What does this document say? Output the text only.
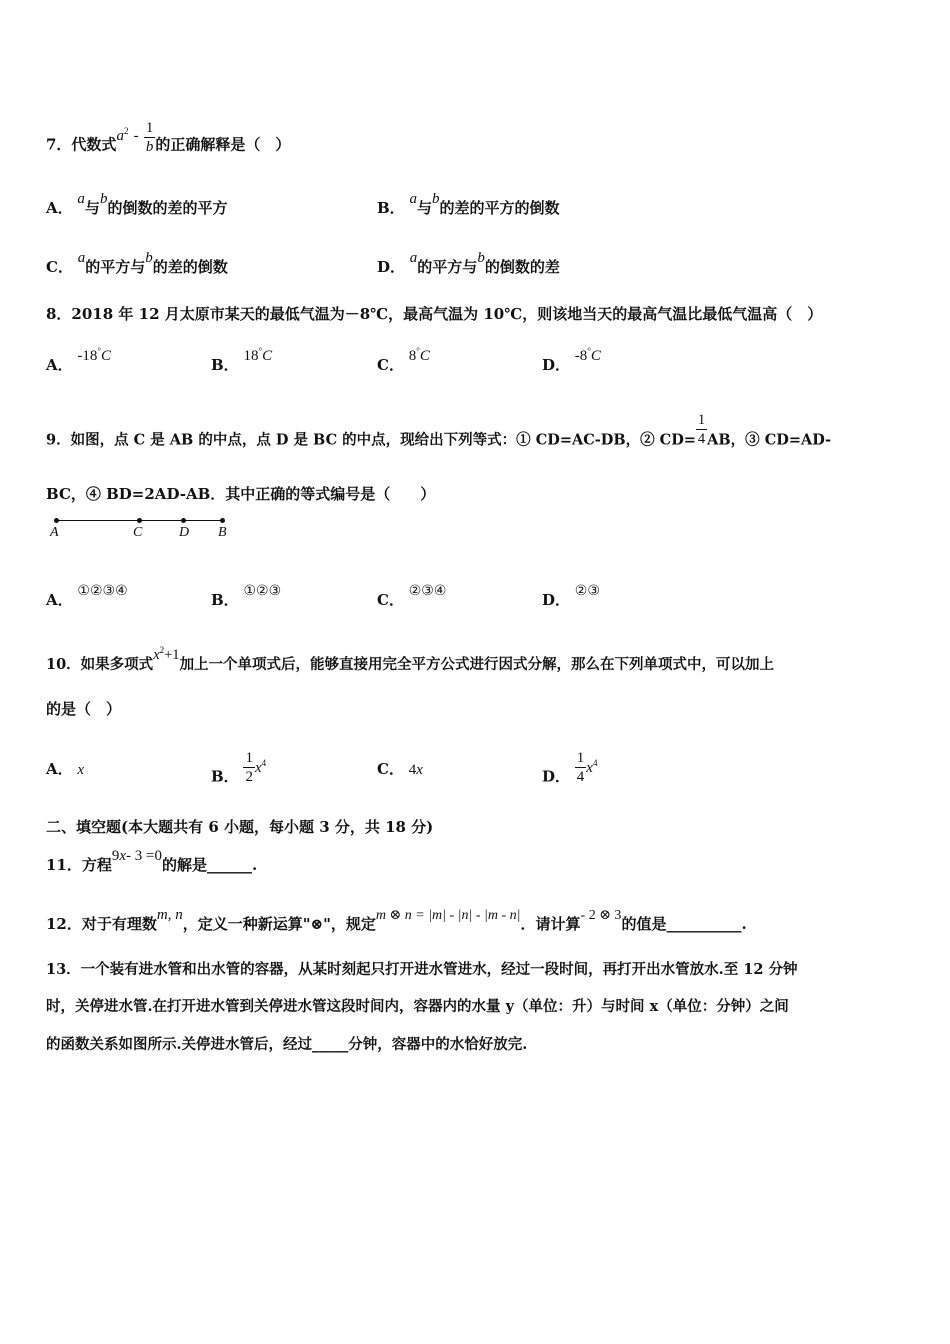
7．代数式$a^2 - \frac{1}{b}$ 的正确解释是（　）
A． a与b的倒数的差的平方	B． a与b的差的平方的倒数
C． a的平方与b的差的倒数	D． a的平方与b的倒数的差
8．2018 年 12 月太原市某天的最低气温为－8℃，最高气温为 10℃，则该地当天的最高气温比最低气温高（　）
A． -18°C	B． 18°C	C． 8°C	D． -8°C
9．如图，点 C 是 AB 的中点，点 D 是 BC 的中点，现给出下列等式：① CD=AC-DB，② $CD= \frac{1}{4}$ AB，③ CD=AD-
BC，④ BD=2AD-AB．其中正确的等式编号是（　　）
A	C	D B
A． ①②③④	B． ①②③	C． ②③④	D． ②③
10．如果多项式$x^2+1$加上一个单项式后，能够直接用完全平方公式进行因式分解，那么在下列单项式中，可以加上
的是（　）
A． x	B． $\frac{1}{2} x^4$	C． 4x	D． $\frac{1}{4} x^4$
二、填空题(本大题共有 6 小题，每小题 3 分，共 18 分)
11．方程9x- 3 =0的解是______.
12．对于有理数m, n，定义一种新运算"⊗"，规定m ⊗ n = |m| - |n| - |m - n|．请计算- 2 ⊗ 3的值是__________.
13．一个装有进水管和出水管的容器，从某时刻起只打开进水管进水，经过一段时间，再打开出水管放水.至 12 分钟
时，关停进水管.在打开进水管到关停进水管这段时间内，容器内的水量 y（单位：升）与时间 x（单位：分钟）之间
的函数关系如图所示.关停进水管后，经过_____分钟，容器中的水恰好放完.
